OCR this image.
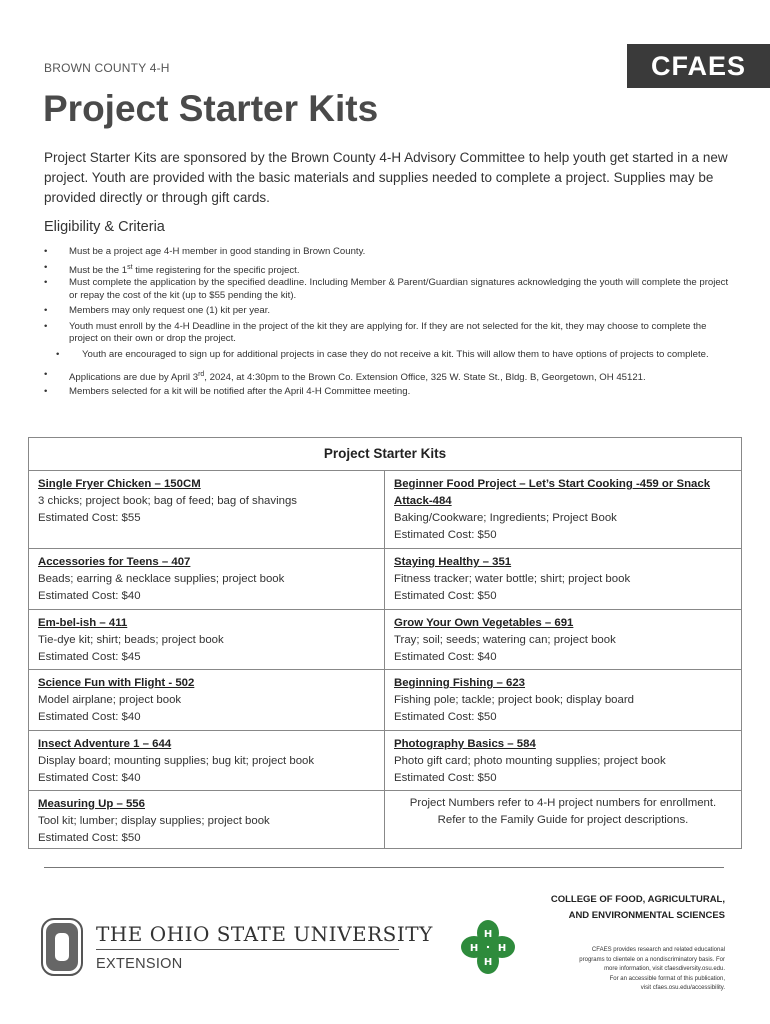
BROWN COUNTY 4-H	CFAES
Project Starter Kits

Project Starter Kits are sponsored by the Brown County 4-H Advisory Committee to help youth get started in a new project. Youth are provided with the basic materials and supplies needed to complete a project. Supplies may be provided directly or through gift cards.

Eligibility & Criteria
• Must be a project age 4-H member in good standing in Brown County.
• Must be the 1st time registering for the specific project.
• Must complete the application by the specified deadline. Including Member & Parent/Guardian signatures acknowledging the youth will complete the project or repay the cost of the kit (up to $55 pending the kit).
• Members may only request one (1) kit per year.
• Youth must enroll by the 4-H Deadline in the project of the kit they are applying for. If they are not selected for the kit, they may choose to complete the project on their own or drop the project.
• Youth are encouraged to sign up for additional projects in case they do not receive a kit. This will allow them to have options of projects to complete.
• Applications are due by April 3rd, 2024, at 4:30pm to the Brown Co. Extension Office, 325 W. State St., Bldg. B, Georgetown, OH 45121.
• Members selected for a kit will be notified after the April 4-H Committee meeting.
Project Starter Kits
Single Fryer Chicken – 150CM
3 chicks; project book; bag of feed; bag of shavings
Estimated Cost: $55
Beginner Food Project – Let’s Start Cooking -459 or Snack Attack-484
Baking/Cookware; Ingredients; Project Book
Estimated Cost: $50
Accessories for Teens – 407
Beads; earring & necklace supplies; project book
Estimated Cost: $40
Staying Healthy – 351
Fitness tracker; water bottle; shirt; project book
Estimated Cost: $50
Em-bel-ish – 411
Tie-dye kit; shirt; beads; project book
Estimated Cost: $45
Grow Your Own Vegetables – 691
Tray; soil; seeds; watering can; project book
Estimated Cost: $40
Science Fun with Flight - 502
Model airplane; project book
Estimated Cost: $40
Beginning Fishing – 623
Fishing pole; tackle; project book; display board
Estimated Cost: $50
Insect Adventure 1 – 644
Display board; mounting supplies; bug kit; project book
Estimated Cost: $40
Photography Basics – 584
Photo gift card; photo mounting supplies; project book
Estimated Cost: $50
Measuring Up – 556
Tool kit; lumber; display supplies; project book
Estimated Cost: $50
Project Numbers refer to 4-H project numbers for enrollment. Refer to the Family Guide for project descriptions.
COLLEGE OF FOOD, AGRICULTURAL,
AND ENVIRONMENTAL SCIENCES
CFAES provides research and related educational
programs to clientele on a nondiscriminatory basis. For
more information, visit cfaesdiversity.osu.edu.
For an accessible format of this publication,
visit cfaes.osu.edu/accessibility.
THE OHIO STATE UNIVERSITY
EXTENSION
H
H
H H
